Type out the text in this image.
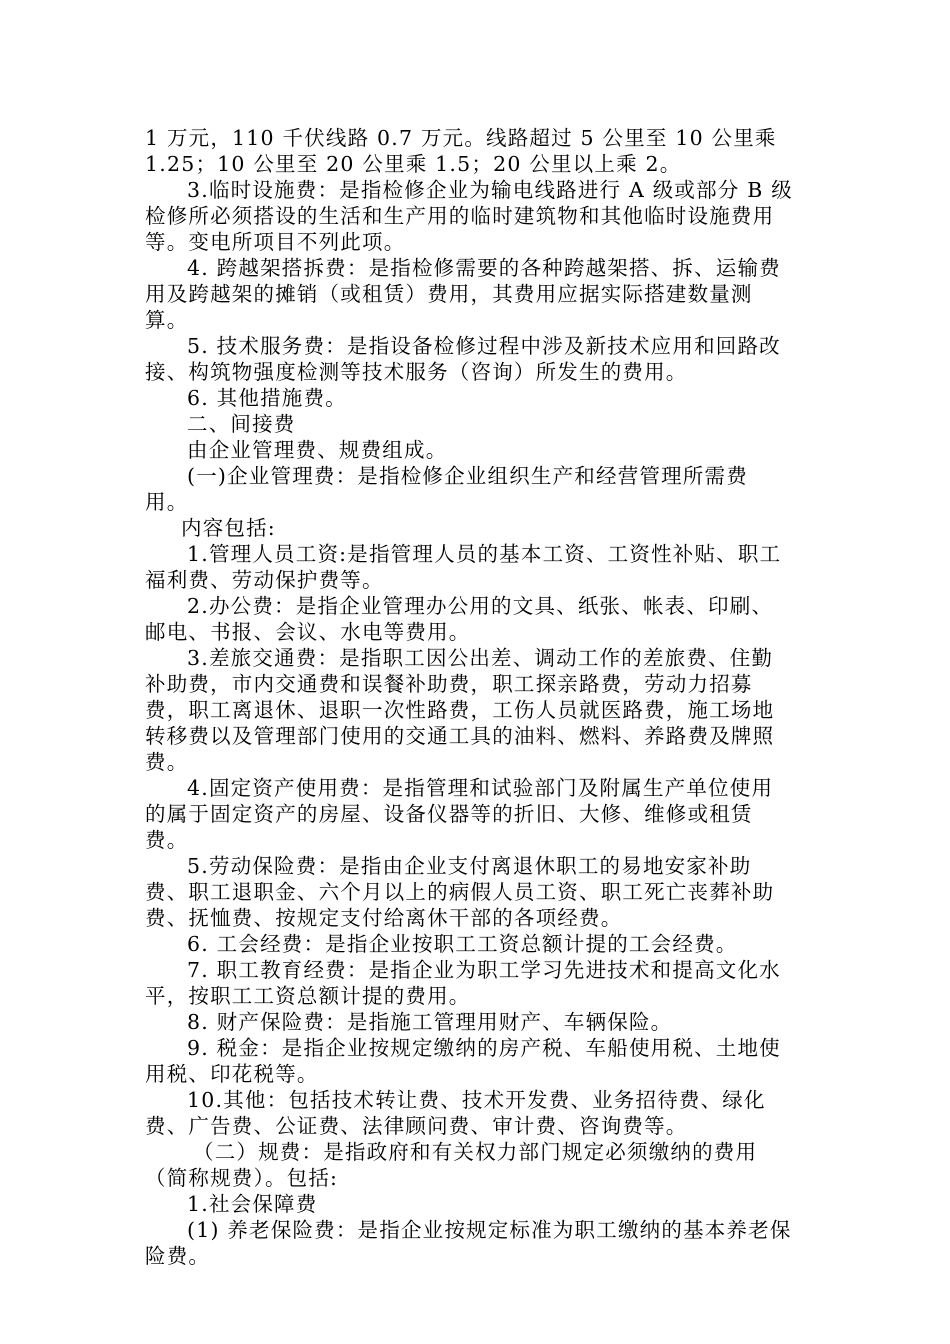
1 万元，110 千伏线路 0.7 万元。线路超过 5 公里至 10 公里乘
1.25；10 公里至 20 公里乘 1.5；20 公里以上乘 2。
3.临时设施费：是指检修企业为输电线路进行 A 级或部分 B 级
检修所必须搭设的生活和生产用的临时建筑物和其他临时设施费用
等。变电所项目不列此项。
4. 跨越架搭拆费：是指检修需要的各种跨越架搭、拆、运输费
用及跨越架的摊销（或租赁）费用，其费用应据实际搭建数量测
算。
5. 技术服务费：是指设备检修过程中涉及新技术应用和回路改
接、构筑物强度检测等技术服务（咨询）所发生的费用。
6. 其他措施费。
二、间接费
由企业管理费、规费组成。
(一)企业管理费：是指检修企业组织生产和经营管理所需费
用。
内容包括:
1.管理人员工资:是指管理人员的基本工资、工资性补贴、职工
福利费、劳动保护费等。
2.办公费：是指企业管理办公用的文具、纸张、帐表、印刷、
邮电、书报、会议、水电等费用。
3.差旅交通费：是指职工因公出差、调动工作的差旅费、住勤
补助费，市内交通费和误餐补助费，职工探亲路费，劳动力招募
费，职工离退休、退职一次性路费，工伤人员就医路费，施工场地
转移费以及管理部门使用的交通工具的油料、燃料、养路费及牌照
费。
4.固定资产使用费：是指管理和试验部门及附属生产单位使用
的属于固定资产的房屋、设备仪器等的折旧、大修、维修或租赁
费。
5.劳动保险费：是指由企业支付离退休职工的易地安家补助
费、职工退职金、六个月以上的病假人员工资、职工死亡丧葬补助
费、抚恤费、按规定支付给离休干部的各项经费。
6. 工会经费：是指企业按职工工资总额计提的工会经费。
7. 职工教育经费：是指企业为职工学习先进技术和提高文化水
平，按职工工资总额计提的费用。
8. 财产保险费：是指施工管理用财产、车辆保险。
9. 税金：是指企业按规定缴纳的房产税、车船使用税、土地使
用税、印花税等。
10.其他：包括技术转让费、技术开发费、业务招待费、绿化
费、广告费、公证费、法律顾问费、审计费、咨询费等。
（二）规费：是指政府和有关权力部门规定必须缴纳的费用
（简称规费）。包括:
1.社会保障费
(1) 养老保险费：是指企业按规定标准为职工缴纳的基本养老保
险费。
